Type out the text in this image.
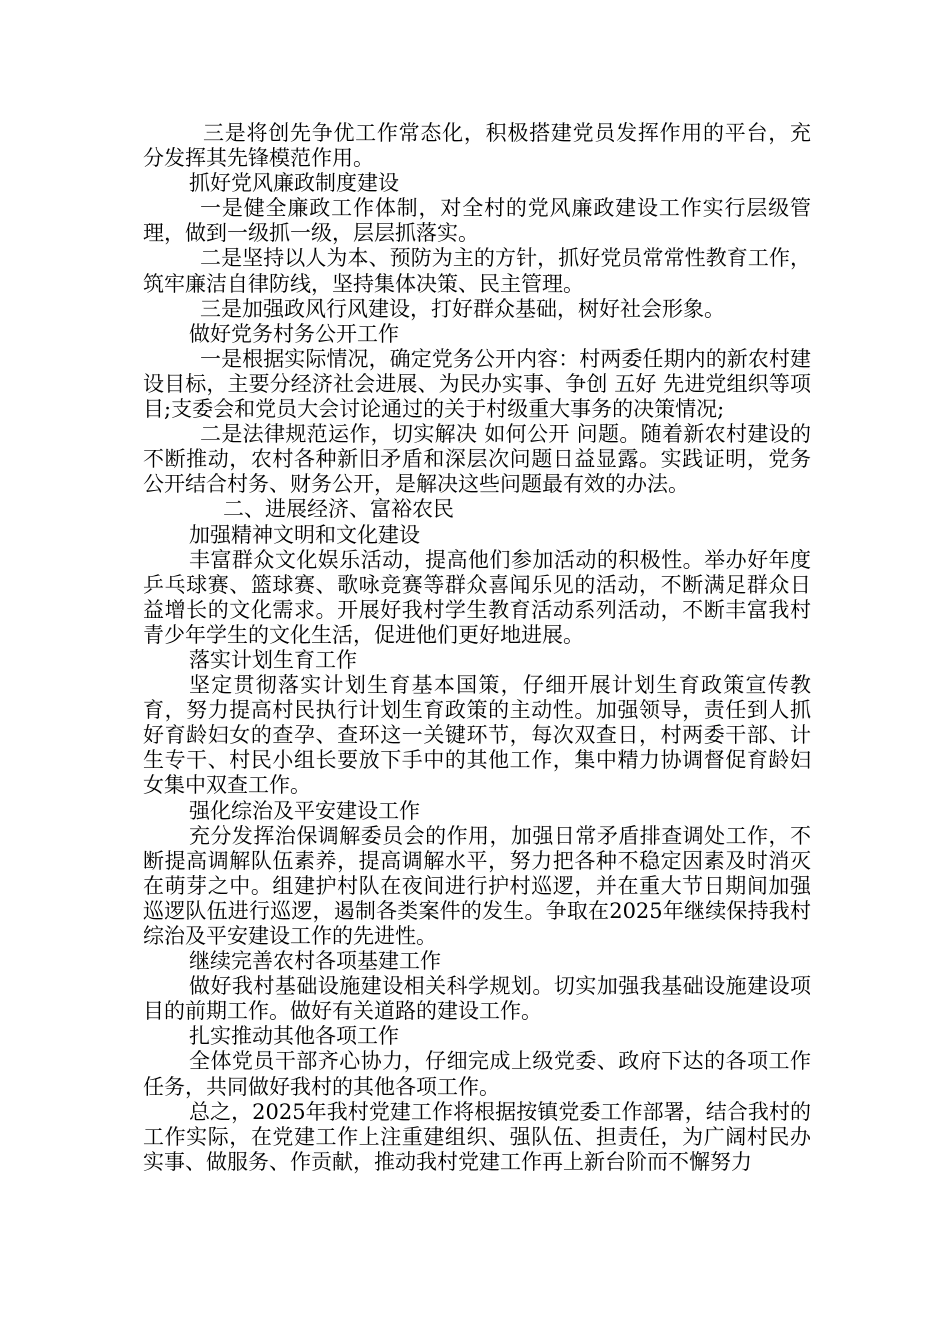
三是将创先争优工作常态化，积极搭建党员发挥作用的平台，充分发挥其先锋模范作用。

抓好党风廉政制度建设

一是健全廉政工作体制，对全村的党风廉政建设工作实行层级管理，做到一级抓一级，层层抓落实。

二是坚持以人为本、预防为主的方针，抓好党员常常性教育工作，筑牢廉洁自律防线，坚持集体决策、民主管理。

三是加强政风行风建设，打好群众基础，树好社会形象。

做好党务村务公开工作

一是根据实际情况，确定党务公开内容：村两委任期内的新农村建设目标，主要分经济社会进展、为民办实事、争创 五好 先进党组织等项目;支委会和党员大会讨论通过的关于村级重大事务的决策情况;

二是法律规范运作，切实解决 如何公开 问题。随着新农村建设的不断推动，农村各种新旧矛盾和深层次问题日益显露。实践证明，党务公开结合村务、财务公开，是解决这些问题最有效的办法。

二、进展经济、富裕农民

加强精神文明和文化建设

丰富群众文化娱乐活动，提高他们参加活动的积极性。举办好年度乒乓球赛、篮球赛、歌咏竞赛等群众喜闻乐见的活动，不断满足群众日益增长的文化需求。开展好我村学生教育活动系列活动，不断丰富我村青少年学生的文化生活，促进他们更好地进展。

落实计划生育工作

坚定贯彻落实计划生育基本国策，仔细开展计划生育政策宣传教育，努力提高村民执行计划生育政策的主动性。加强领导，责任到人抓好育龄妇女的查孕、查环这一关键环节，每次双查日，村两委干部、计生专干、村民小组长要放下手中的其他工作，集中精力协调督促育龄妇女集中双查工作。

强化综治及平安建设工作

充分发挥治保调解委员会的作用，加强日常矛盾排查调处工作，不断提高调解队伍素养，提高调解水平，努力把各种不稳定因素及时消灭在萌芽之中。组建护村队在夜间进行护村巡逻，并在重大节日期间加强巡逻队伍进行巡逻，遏制各类案件的发生。争取在2025年继续保持我村综治及平安建设工作的先进性。

继续完善农村各项基建工作

做好我村基础设施建设相关科学规划。切实加强我基础设施建设项目的前期工作。做好有关道路的建设工作。

扎实推动其他各项工作

全体党员干部齐心协力，仔细完成上级党委、政府下达的各项工作任务，共同做好我村的其他各项工作。

总之，2025年我村党建工作将根据按镇党委工作部署，结合我村的工作实际，在党建工作上注重建组织、强队伍、担责任，为广阔村民办实事、做服务、作贡献，推动我村党建工作再上新台阶而不懈努力
